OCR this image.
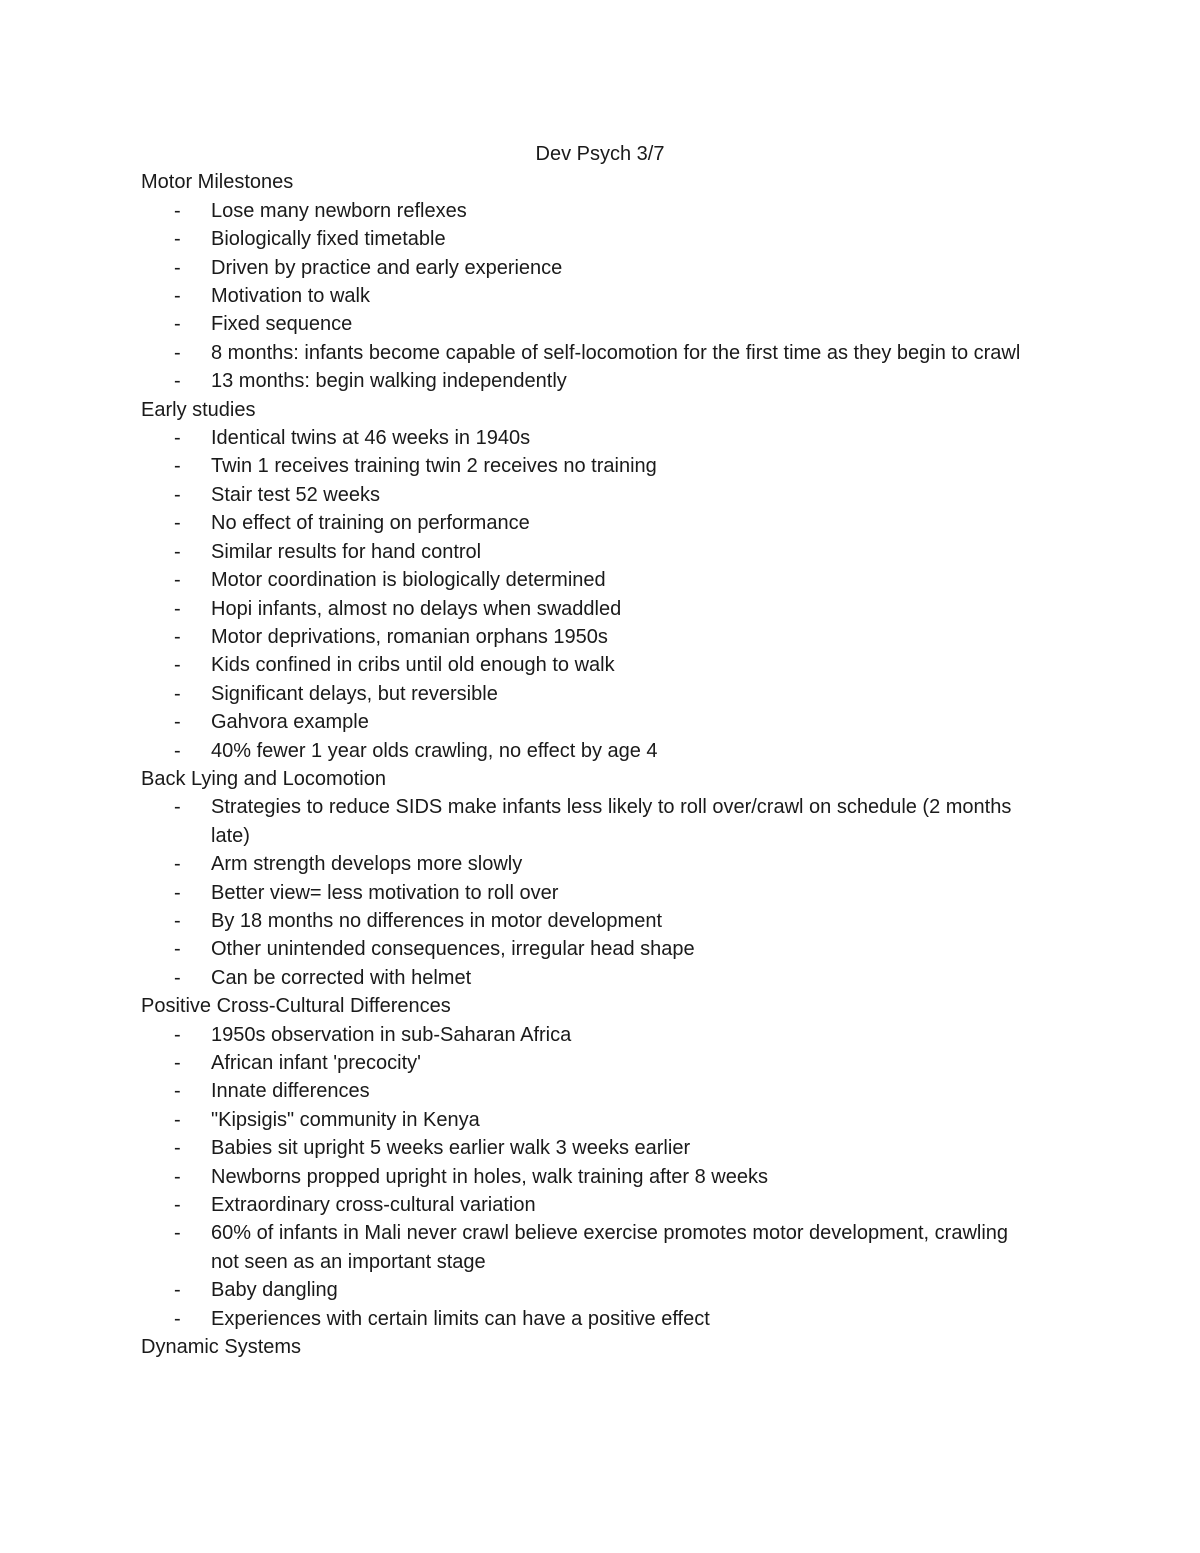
Dev Psych 3/7
Motor Milestones
- Lose many newborn reflexes
- Biologically fixed timetable
- Driven by practice and early experience
- Motivation to walk
- Fixed sequence
- 8 months: infants become capable of self-locomotion for the first time as they begin to crawl
- 13 months: begin walking independently
Early studies
- Identical twins at 46 weeks in 1940s
- Twin 1 receives training twin 2 receives no training
- Stair test 52 weeks
- No effect of training on performance
- Similar results for hand control
- Motor coordination is biologically determined
- Hopi infants, almost no delays when swaddled
- Motor deprivations, romanian orphans 1950s
- Kids confined in cribs until old enough to walk
- Significant delays, but reversible
- Gahvora example
- 40% fewer 1 year olds crawling, no effect by age 4
Back Lying and Locomotion
- Strategies to reduce SIDS make infants less likely to roll over/crawl on schedule (2 months late)
- Arm strength develops more slowly
- Better view= less motivation to roll over
- By 18 months no differences in motor development
- Other unintended consequences, irregular head shape
- Can be corrected with helmet
Positive Cross-Cultural Differences
- 1950s observation in sub-Saharan Africa
- African infant 'precocity'
- Innate differences
- "Kipsigis" community in Kenya
- Babies sit upright 5 weeks earlier walk 3 weeks earlier
- Newborns propped upright in holes, walk training after 8 weeks
- Extraordinary cross-cultural variation
- 60% of infants in Mali never crawl believe exercise promotes motor development, crawling not seen as an important stage
- Baby dangling
- Experiences with certain limits can have a positive effect
Dynamic Systems
